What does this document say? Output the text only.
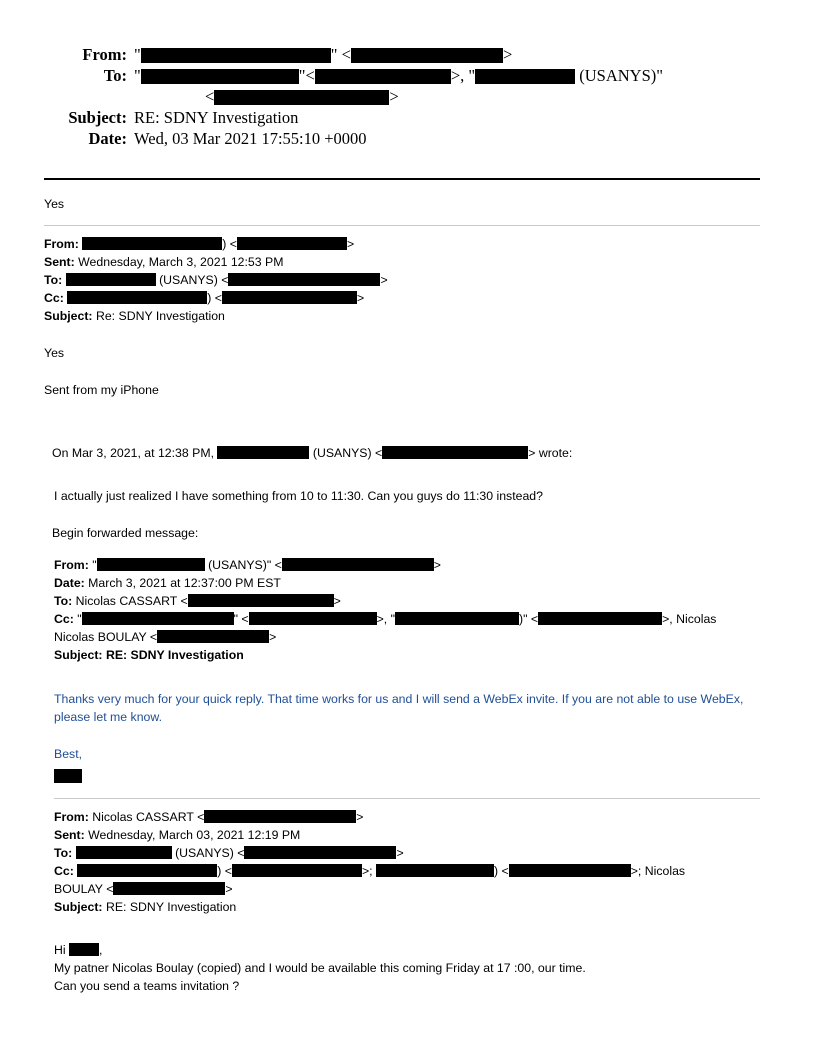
From: "	" <	>
To: "	"<	>, "	(USANYS)"
<	>
Subject: RE: SDNY Investigation
Date: Wed, 03 Mar 2021 17:55:10 +0000
Yes
From:	) <	>
Sent: Wednesday, March 3, 2021 12:53 PM
To:	(USANYS) <	>
Cc:	) <	>
Subject: Re: SDNY Investigation
Yes
Sent from my iPhone
On Mar 3, 2021, at 12:38 PM,	(USANYS) <	> wrote:
I actually just realized I have something from 10 to 11:30. Can you guys do 11:30 instead?
Begin forwarded message:
From: "	(USANYS)" <	>
Date: March 3, 2021 at 12:37:00 PM EST
To: Nicolas CASSART <	>
Cc: "	" <	>, "	)" <	>, Nicolas
Nicolas BOULAY <	>
Subject: RE: SDNY Investigation
Thanks very much for your quick reply. That time works for us and I will send a WebEx invite. If you are not able to use WebEx, please let me know.
Best,
From: Nicolas CASSART <	>
Sent: Wednesday, March 03, 2021 12:19 PM
To:	(USANYS) <	>
Cc:	) <	>;	) <	>; Nicolas
BOULAY <	>
Subject: RE: SDNY Investigation
Hi	,
My patner Nicolas Boulay (copied) and I would be available this coming Friday at 17 :00, our time.
Can you send a teams invitation ?
